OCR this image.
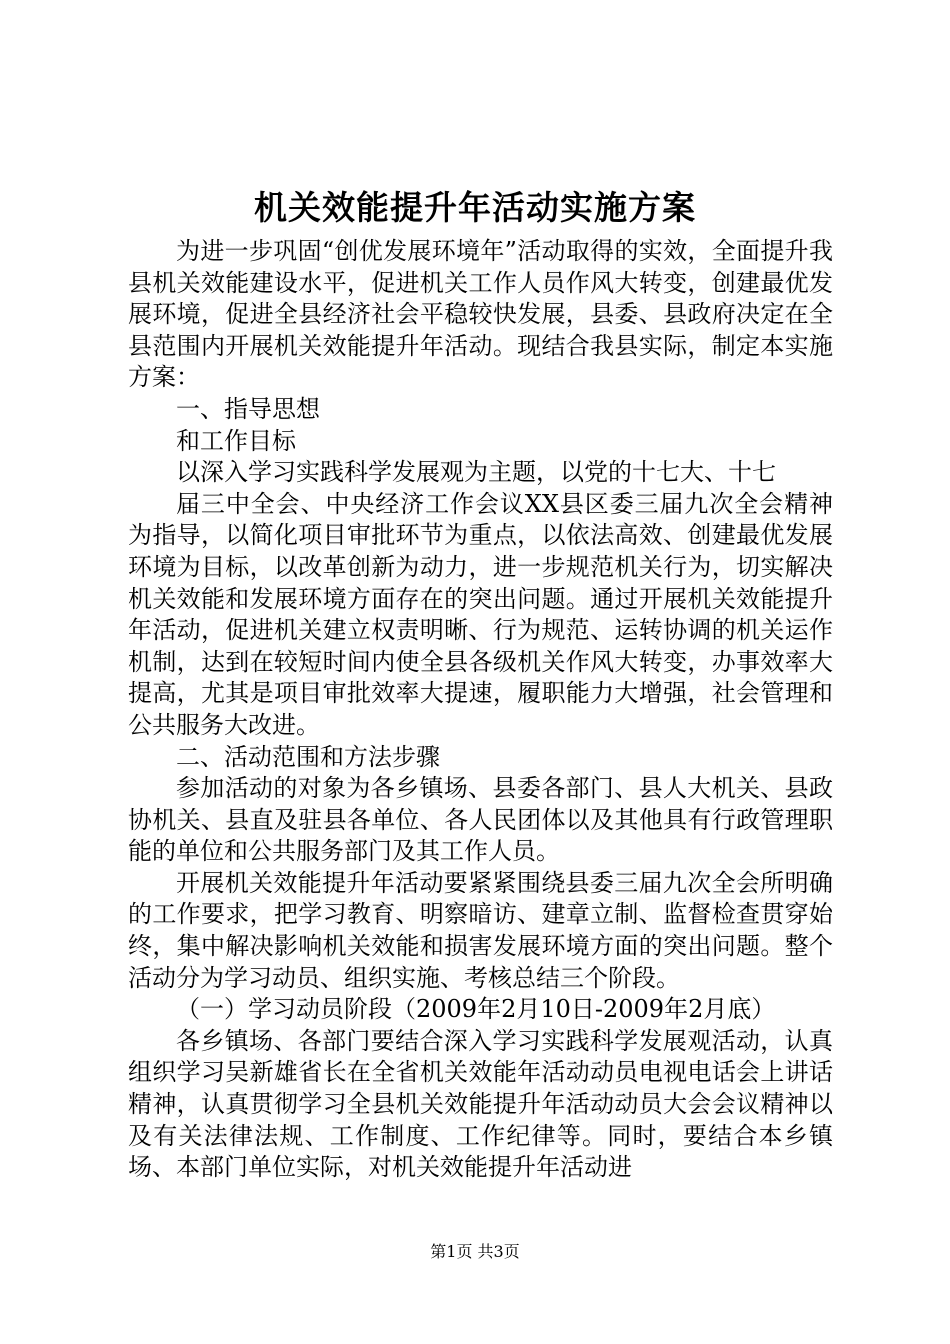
机关效能提升年活动实施方案

为进一步巩固“创优发展环境年”活动取得的实效，全面提升我县机关效能建设水平，促进机关工作人员作风大转变，创建最优发展环境，促进全县经济社会平稳较快发展，县委、县政府决定在全县范围内开展机关效能提升年活动。现结合我县实际，制定本实施方案：

一、指导思想

和工作目标

以深入学习实践科学发展观为主题，以党的十七大、十七

届三中全会、中央经济工作会议XX县区委三届九次全会精神为指导，以简化项目审批环节为重点，以依法高效、创建最优发展环境为目标，以改革创新为动力，进一步规范机关行为，切实解决机关效能和发展环境方面存在的突出问题。通过开展机关效能提升年活动，促进机关建立权责明晰、行为规范、运转协调的机关运作机制，达到在较短时间内使全县各级机关作风大转变，办事效率大提高，尤其是项目审批效率大提速，履职能力大增强，社会管理和公共服务大改进。

二、活动范围和方法步骤

参加活动的对象为各乡镇场、县委各部门、县人大机关、县政协机关、县直及驻县各单位、各人民团体以及其他具有行政管理职能的单位和公共服务部门及其工作人员。

开展机关效能提升年活动要紧紧围绕县委三届九次全会所明确的工作要求，把学习教育、明察暗访、建章立制、监督检查贯穿始终，集中解决影响机关效能和损害发展环境方面的突出问题。整个活动分为学习动员、组织实施、考核总结三个阶段。

（一）学习动员阶段（2009年2月10日-2009年2月底）

各乡镇场、各部门要结合深入学习实践科学发展观活动，认真组织学习吴新雄省长在全省机关效能年活动动员电视电话会上讲话精神，认真贯彻学习全县机关效能提升年活动动员大会会议精神以及有关法律法规、工作制度、工作纪律等。同时，要结合本乡镇场、本部门单位实际，对机关效能提升年活动进

第1页 共3页
